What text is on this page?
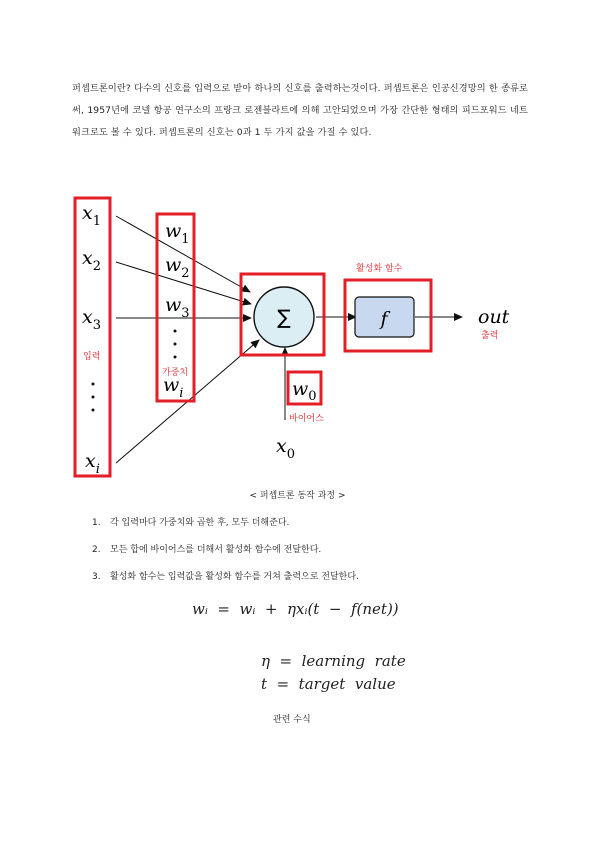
퍼셉트론이란? 다수의 신호를 입력으로 받아 하나의 신호를 출력하는것이다. 퍼셉트론은 인공신경망의 한 종류로써, 1957년에 코넬 항공 연구소의 프랑크 로젠블라트에 의해 고안되었으며 가장 간단한 형태의 피드포워드 네트워크로도 볼 수 있다. 퍼셉트론의 신호는 0과 1 두 가지 값을 가질 수 있다.
$x_1$
$x_2$
$x_3$
입력
$x_i$
$w_1$
$w_2$
$w_3$
가중치
$w_i$
∑
활성화 함수
f	out
출력
$w_0$
바이어스
$x_0$
< 퍼셉트론 동작 과정 >
1.	각 입력마다 가중치와 곱한 후, 모두 더해준다.
2.	모든 합에 바이어스를 더해서 활성화 함수에 전달한다.
3.	활성화 함수는 입력값을 활성화 함수를 거쳐 출력으로 전달한다.
wᵢ  =  wᵢ  +  ηxᵢ(t  −  f(net))
η  =  learning  rate
t  =  target  value
관련 수식
